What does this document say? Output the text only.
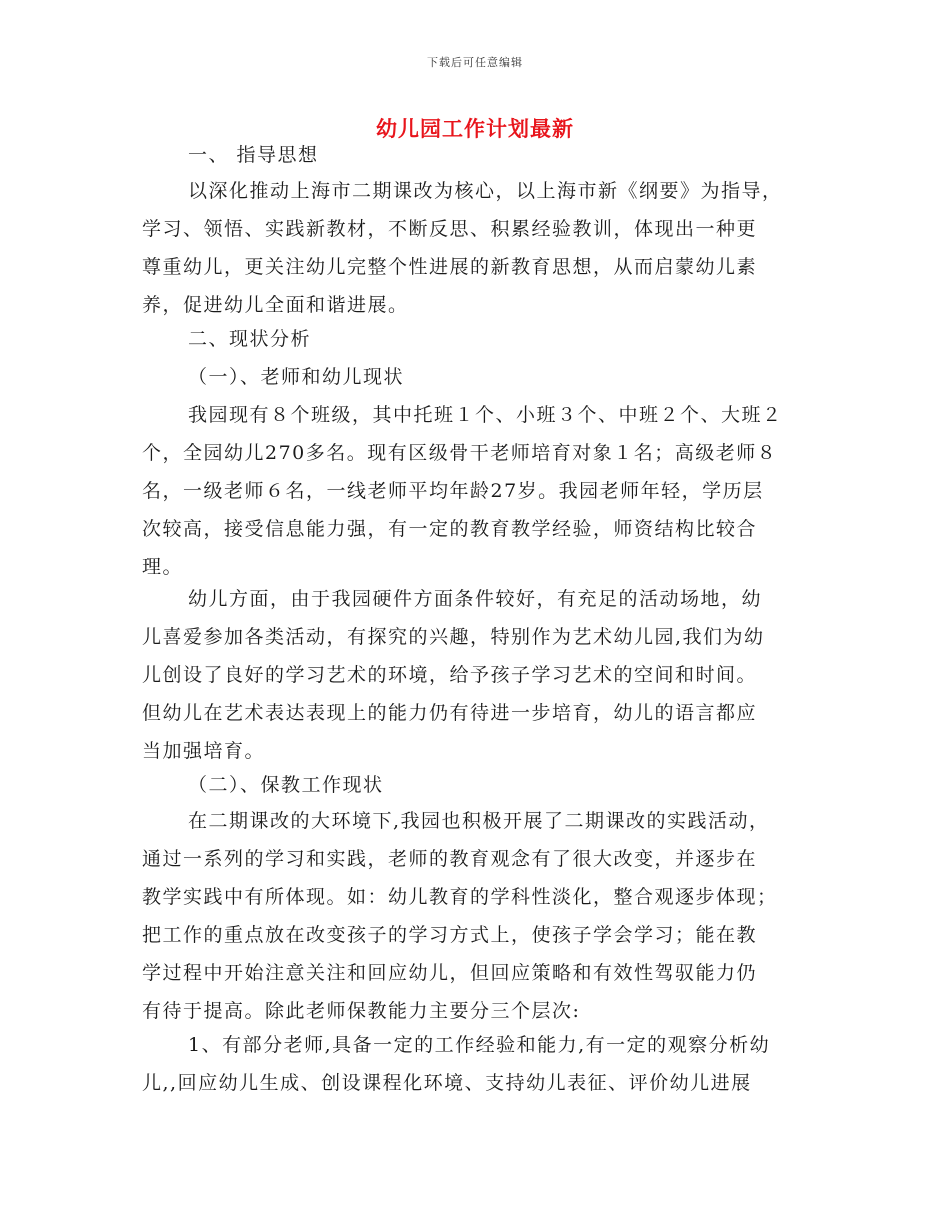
下载后可任意编辑
幼儿园工作计划最新
一、 指导思想
以深化推动上海市二期课改为核心，以上海市新《纲要》为指导，
学习、领悟、实践新教材，不断反思、积累经验教训，体现出一种更
尊重幼儿，更关注幼儿完整个性进展的新教育思想，从而启蒙幼儿素
养，促进幼儿全面和谐进展。
二、现状分析
（一）、老师和幼儿现状
我园现有８个班级，其中托班１个、小班３个、中班２个、大班２
个，全园幼儿270多名。现有区级骨干老师培育对象１名；高级老师８
名，一级老师６名，一线老师平均年龄27岁。我园老师年轻，学历层
次较高，接受信息能力强，有一定的教育教学经验，师资结构比较合
理。
幼儿方面，由于我园硬件方面条件较好，有充足的活动场地，幼
儿喜爱参加各类活动，有探究的兴趣，特别作为艺术幼儿园,我们为幼
儿创设了良好的学习艺术的环境，给予孩子学习艺术的空间和时间。
但幼儿在艺术表达表现上的能力仍有待进一步培育，幼儿的语言都应
当加强培育。
（二）、保教工作现状
在二期课改的大环境下,我园也积极开展了二期课改的实践活动，
通过一系列的学习和实践，老师的教育观念有了很大改变，并逐步在
教学实践中有所体现。如：幼儿教育的学科性淡化，整合观逐步体现；
把工作的重点放在改变孩子的学习方式上，使孩子学会学习；能在教
学过程中开始注意关注和回应幼儿，但回应策略和有效性驾驭能力仍
有待于提高。除此老师保教能力主要分三个层次:
1、有部分老师,具备一定的工作经验和能力,有一定的观察分析幼
儿,,回应幼儿生成、创设课程化环境、支持幼儿表征、评价幼儿进展
